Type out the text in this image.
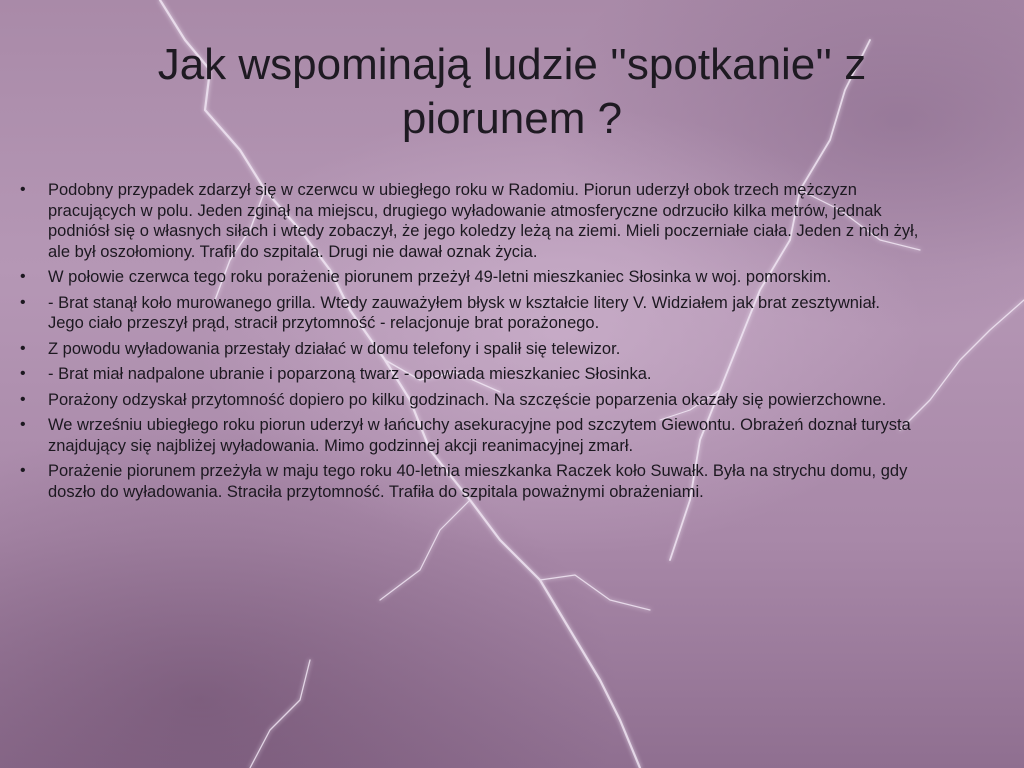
Jak wspominają ludzie ''spotkanie'' z piorunem ?
• Podobny przypadek zdarzył się w czerwcu w ubiegłego roku w Radomiu. Piorun uderzył obok trzech mężczyzn pracujących w polu. Jeden zginął na miejscu, drugiego wyładowanie atmosferyczne odrzuciło kilka metrów, jednak podniósł się o własnych siłach i wtedy zobaczył, że jego koledzy leżą na ziemi. Mieli poczerniałe ciała. Jeden z nich żył, ale był oszołomiony. Trafił do szpitala. Drugi nie dawał oznak życia.
• W połowie czerwca tego roku porażenie piorunem przeżył 49-letni mieszkaniec Słosinka w woj. pomorskim.
• - Brat stanął koło murowanego grilla. Wtedy zauważyłem błysk w kształcie litery V. Widziałem jak brat zesztywniał. Jego ciało przeszył prąd, stracił przytomność - relacjonuje brat porażonego.
• Z powodu wyładowania przestały działać w domu telefony i spalił się telewizor.
• - Brat miał nadpalone ubranie i poparzoną twarz - opowiada mieszkaniec Słosinka.
• Porażony odzyskał przytomność dopiero po kilku godzinach. Na szczęście poparzenia okazały się powierzchowne.
• We wrześniu ubiegłego roku piorun uderzył w łańcuchy asekuracyjne pod szczytem Giewontu. Obrażeń doznał turysta znajdujący się najbliżej wyładowania. Mimo godzinnej akcji reanimacyjnej zmarł.
• Porażenie piorunem przeżyła w maju tego roku 40-letnia mieszkanka Raczek koło Suwałk. Była na strychu domu, gdy doszło do wyładowania. Straciła przytomność. Trafiła do szpitala poważnymi obrażeniami.
